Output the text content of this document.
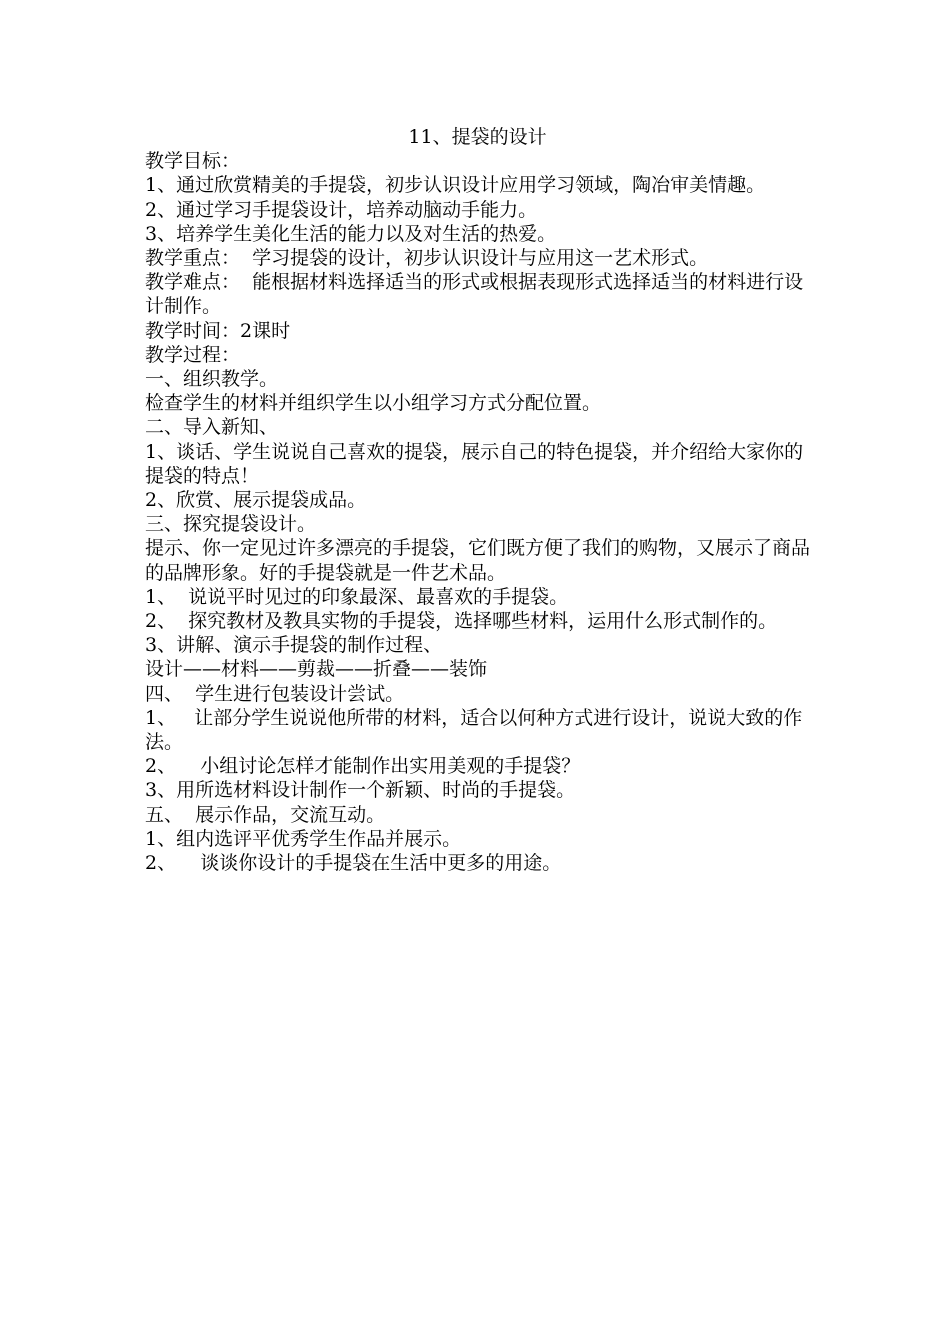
11、提袋的设计

教学目标：

1、通过欣赏精美的手提袋，初步认识设计应用学习领域，陶冶审美情趣。

2、通过学习手提袋设计，培养动脑动手能力。

3、培养学生美化生活的能力以及对生活的热爱。

教学重点：  学习提袋的设计，初步认识设计与应用这一艺术形式。

教学难点：  能根据材料选择适当的形式或根据表现形式选择适当的材料进行设计制作。

教学时间：2课时

教学过程：

一、组织教学。

检查学生的材料并组织学生以小组学习方式分配位置。

二、导入新知、

1、谈话、学生说说自己喜欢的提袋，展示自己的特色提袋，并介绍给大家你的提袋的特点！

2、欣赏、展示提袋成品。

三、探究提袋设计。

提示、你一定见过许多漂亮的手提袋，它们既方便了我们的购物，又展示了商品的品牌形象。好的手提袋就是一件艺术品。

1、  说说平时见过的印象最深、最喜欢的手提袋。

2、  探究教材及教具实物的手提袋，选择哪些材料，运用什么形式制作的。

3、讲解、演示手提袋的制作过程、

设计——材料——剪裁——折叠——装饰

四、  学生进行包装设计尝试。

1、   让部分学生说说他所带的材料，适合以何种方式进行设计，说说大致的作法。

2、    小组讨论怎样才能制作出实用美观的手提袋？

3、用所选材料设计制作一个新颖、时尚的手提袋。

五、  展示作品，交流互动。

1、组内选评平优秀学生作品并展示。

2、    谈谈你设计的手提袋在生活中更多的用途。
